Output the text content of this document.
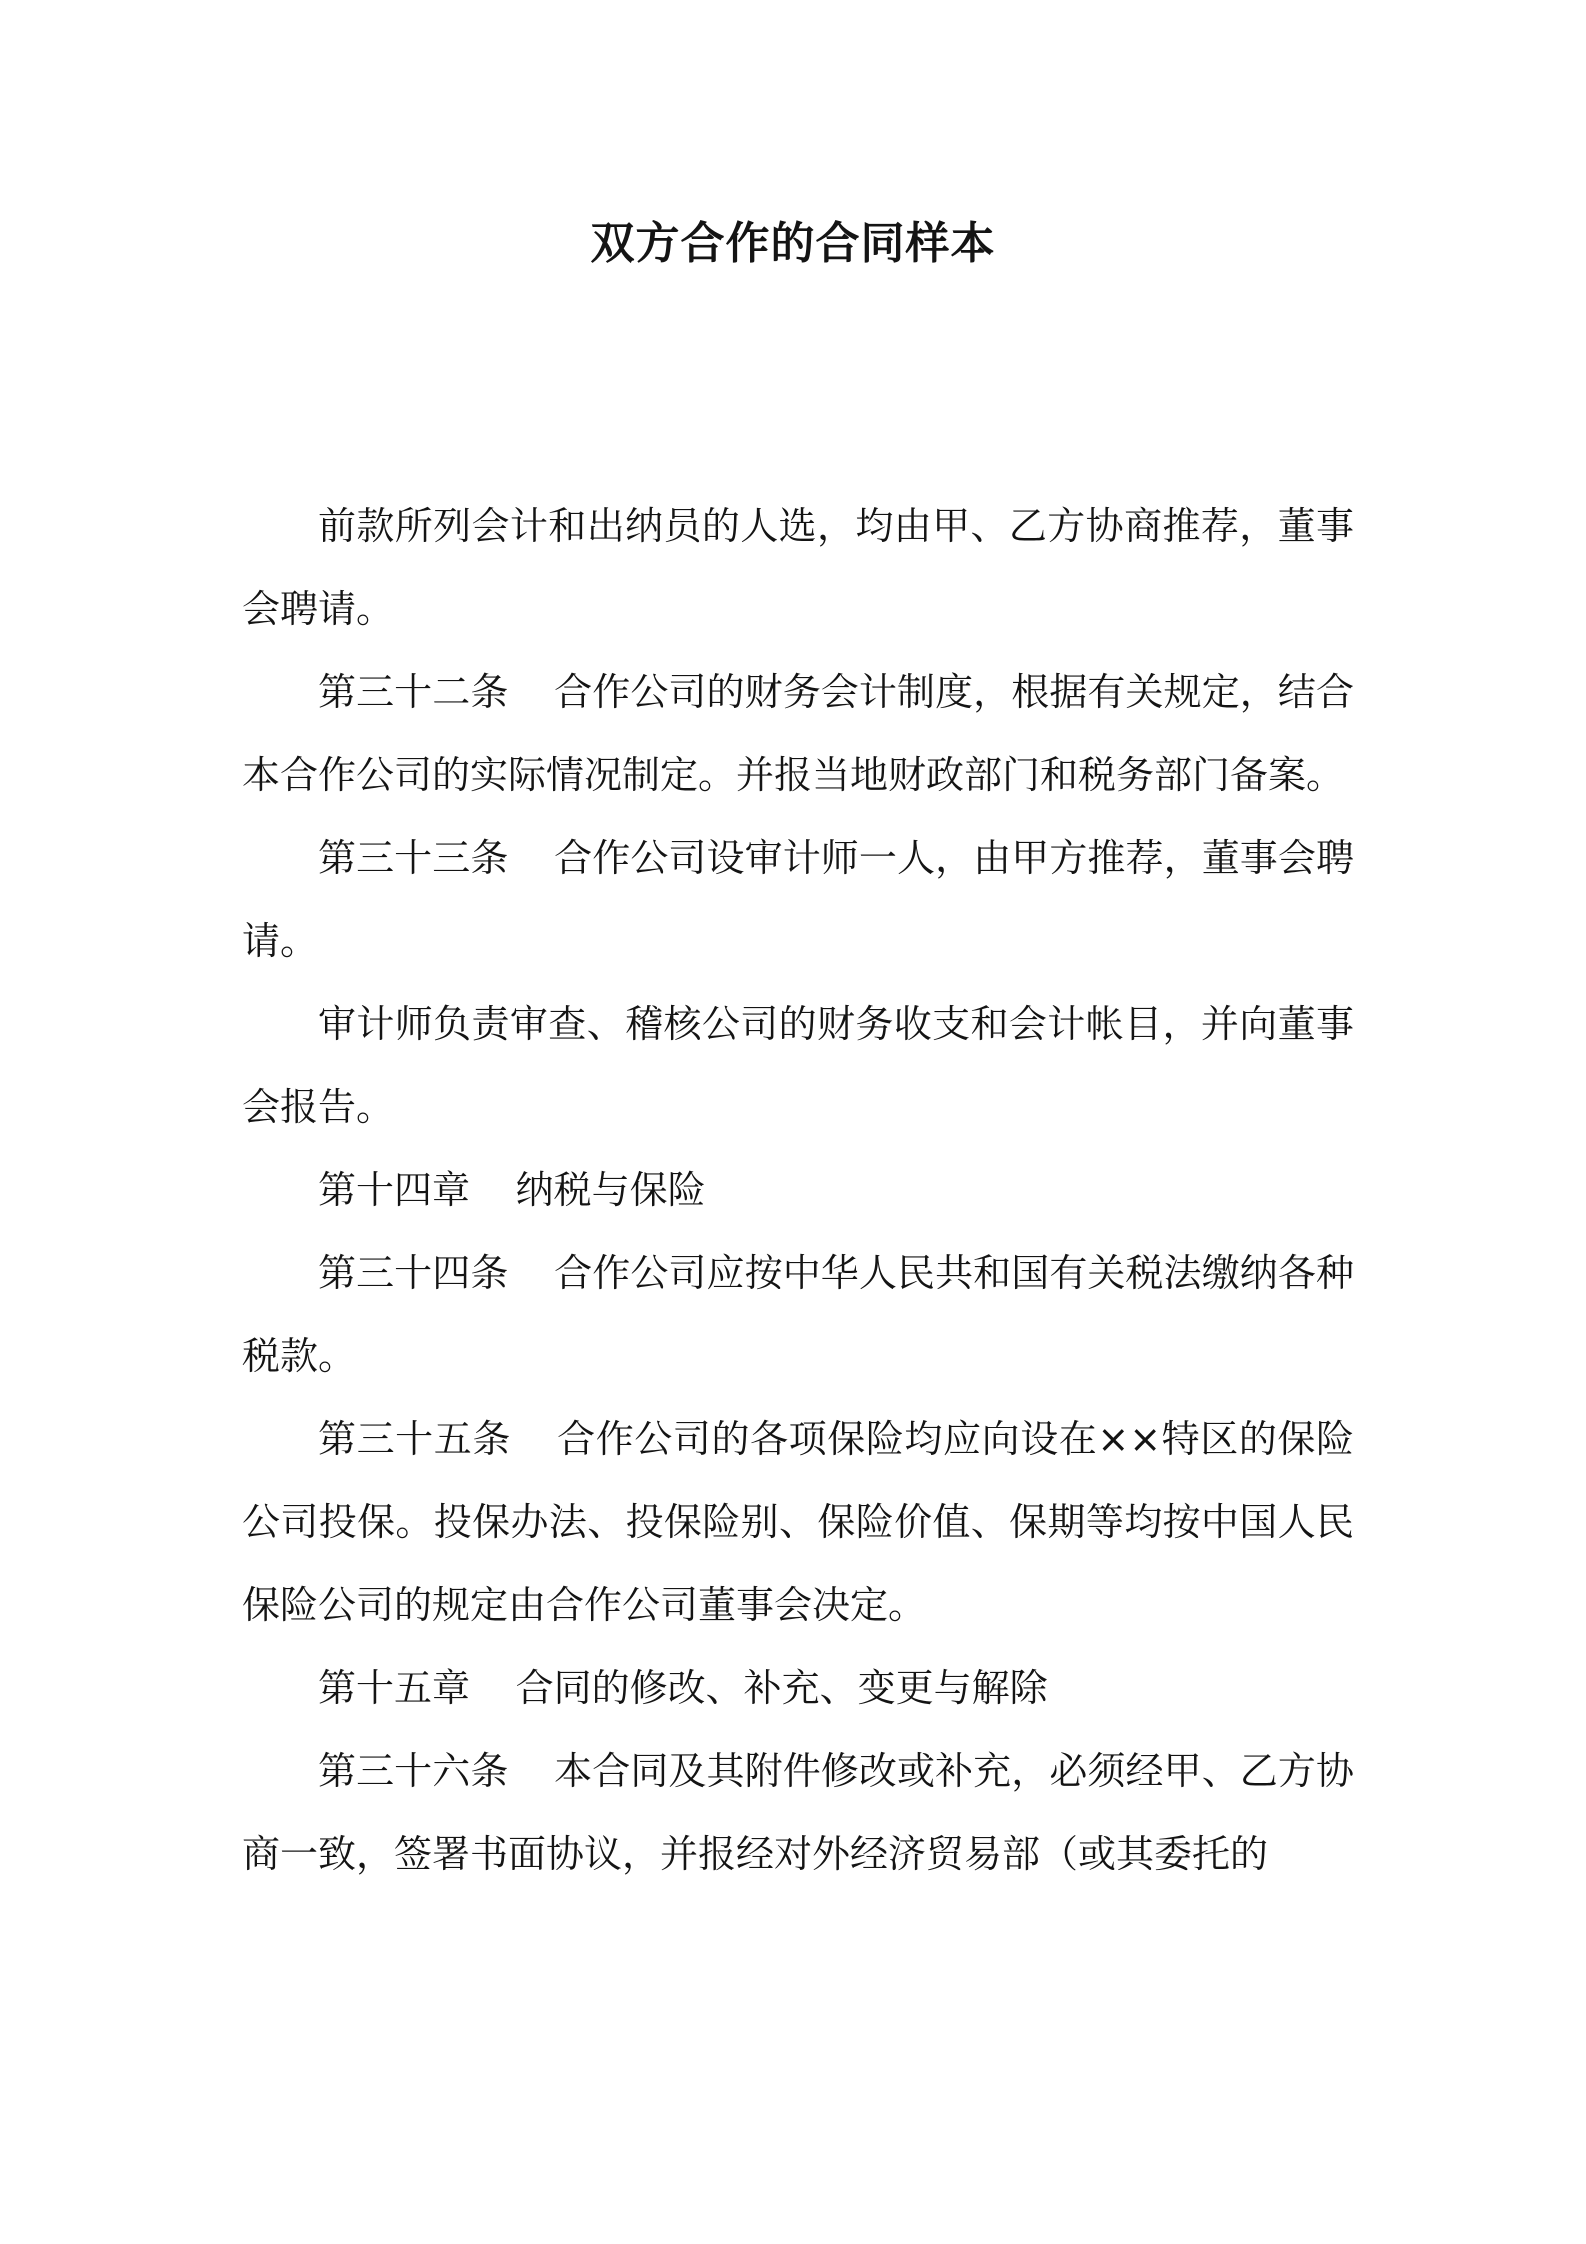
双方合作的合同样本

前款所列会计和出纳员的人选，均由甲、乙方协商推荐，董事会聘请。

第三十二条 合作公司的财务会计制度，根据有关规定，结合本合作公司的实际情况制定。并报当地财政部门和税务部门备案。

第三十三条 合作公司设审计师一人，由甲方推荐，董事会聘请。

审计师负责审查、稽核公司的财务收支和会计帐目，并向董事会报告。

第十四章 纳税与保险

第三十四条 合作公司应按中华人民共和国有关税法缴纳各种税款。

第三十五条 合作公司的各项保险均应向设在××特区的保险公司投保。投保办法、投保险别、保险价值、保期等均按中国人民保险公司的规定由合作公司董事会决定。

第十五章 合同的修改、补充、变更与解除

第三十六条 本合同及其附件修改或补充，必须经甲、乙方协商一致，签署书面协议，并报经对外经济贸易部（或其委托的
